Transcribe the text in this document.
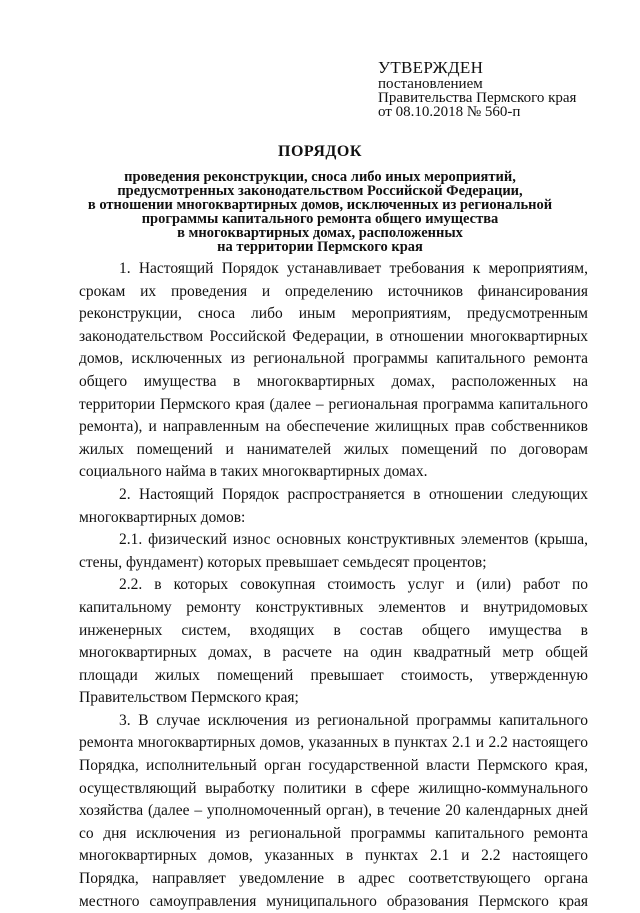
УТВЕРЖДЕН
постановлением
Правительства Пермского края
от 08.10.2018 № 560-п
ПОРЯДОК
проведения реконструкции, сноса либо иных мероприятий,
предусмотренных законодательством Российской Федерации,
в отношении многоквартирных домов, исключенных из региональной
программы капитального ремонта общего имущества
в многоквартирных домах, расположенных
на территории Пермского края

1. Настоящий Порядок устанавливает требования к мероприятиям, срокам их проведения и определению источников финансирования реконструкции, сноса либо иным мероприятиям, предусмотренным законодательством Российской Федерации, в отношении многоквартирных домов, исключенных из региональной программы капитального ремонта общего имущества в многоквартирных домах, расположенных на территории Пермского края (далее – региональная программа капитального ремонта), и направленным на обеспечение жилищных прав собственников жилых помещений и нанимателей жилых помещений по договорам социального найма в таких многоквартирных домах.

2. Настоящий Порядок распространяется в отношении следующих многоквартирных домов:

2.1. физический износ основных конструктивных элементов (крыша, стены, фундамент) которых превышает семьдесят процентов;

2.2. в которых совокупная стоимость услуг и (или) работ по капитальному ремонту конструктивных элементов и внутридомовых инженерных систем, входящих в состав общего имущества в многоквартирных домах, в расчете на один квадратный метр общей площади жилых помещений превышает стоимость, утвержденную Правительством Пермского края;

3. В случае исключения из региональной программы капитального ремонта многоквартирных домов, указанных в пунктах 2.1 и 2.2 настоящего Порядка, исполнительный орган государственной власти Пермского края, осуществляющий выработку политики в сфере жилищно-коммунального хозяйства (далее – уполномоченный орган), в течение 20 календарных дней со дня исключения из региональной программы капитального ремонта многоквартирных домов, указанных в пунктах 2.1 и 2.2 настоящего Порядка, направляет уведомление в адрес соответствующего органа местного самоуправления муниципального образования Пермского края
